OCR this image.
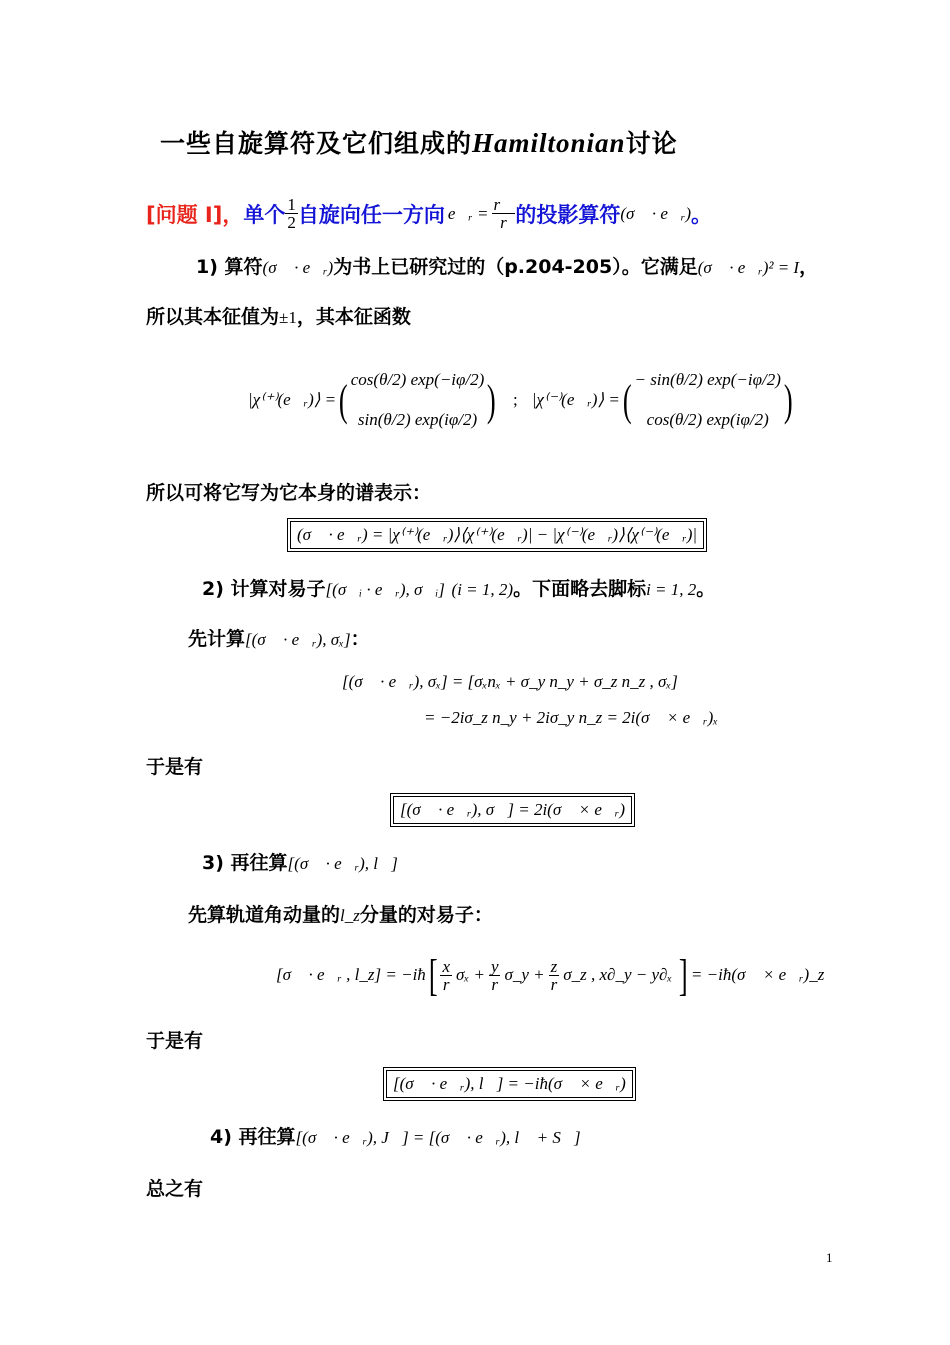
一些自旋算符及它们组成的Hamiltonian讨论
[问题 I]， 单个 $\frac{1}{2}$ 自旋向任一方向 e⃗ᵣ = $\frac{r⃗}{r}$ 的投影算符 (σ⃗ · e⃗ᵣ) 。
1) 算符(σ⃗ · e⃗ᵣ)为书上已研究过的（p.204-205）。它满足(σ⃗ · e⃗ᵣ)² = I，
所以其本征值为±1，其本征函数
|χ⁽⁺⁾(e⃗ᵣ)⟩ = ( cos(θ/2) exp(−iφ/2)
sin(θ/2) exp(iφ/2) ) ; |χ⁽⁻⁾(e⃗ᵣ)⟩ = ( − sin(θ/2) exp(−iφ/2)
cos(θ/2) exp(iφ/2) )
所以可将它写为它本身的谱表示：
(σ⃗ · e⃗ᵣ) = |χ⁽⁺⁾(e⃗ᵣ)⟩⟨χ⁽⁺⁾(e⃗ᵣ)| − |χ⁽⁻⁾(e⃗ᵣ)⟩⟨χ⁽⁻⁾(e⃗ᵣ)|
2) 计算对易子[(σ⃗ᵢ · e⃗ᵣ), σ⃗ᵢ] (i = 1, 2)。下面略去脚标i = 1, 2。
先计算[(σ⃗ · e⃗ᵣ), σₓ]：
[(σ⃗ · e⃗ᵣ), σₓ] = [σₓnₓ + σ_y n_y + σ_z n_z , σₓ]
= −2iσ_z n_y + 2iσ_y n_z = 2i(σ⃗ × e⃗ᵣ)ₓ
于是有
[(σ⃗ · e⃗ᵣ), σ⃗] = 2i(σ⃗ × e⃗ᵣ)
3) 再往算[(σ⃗ · e⃗ᵣ), l⃗]
先算轨道角动量的l_z分量的对易子：
[σ⃗ · e⃗ᵣ , l_z] = −iħ [ $\frac{x}{r}$ $\sigma_x + \frac{y}{r}$ σ_y + $\frac{z}{r}$ σ_z , x∂_y − y∂ₓ ] = −iħ(σ⃗ × e⃗ᵣ)_z
于是有
[(σ⃗ · e⃗ᵣ), l⃗] = −iħ(σ⃗ × e⃗ᵣ)
4) 再往算[(σ⃗ · e⃗ᵣ), J⃗] = [(σ⃗ · e⃗ᵣ), l⃗ + S⃗]
总之有
1
